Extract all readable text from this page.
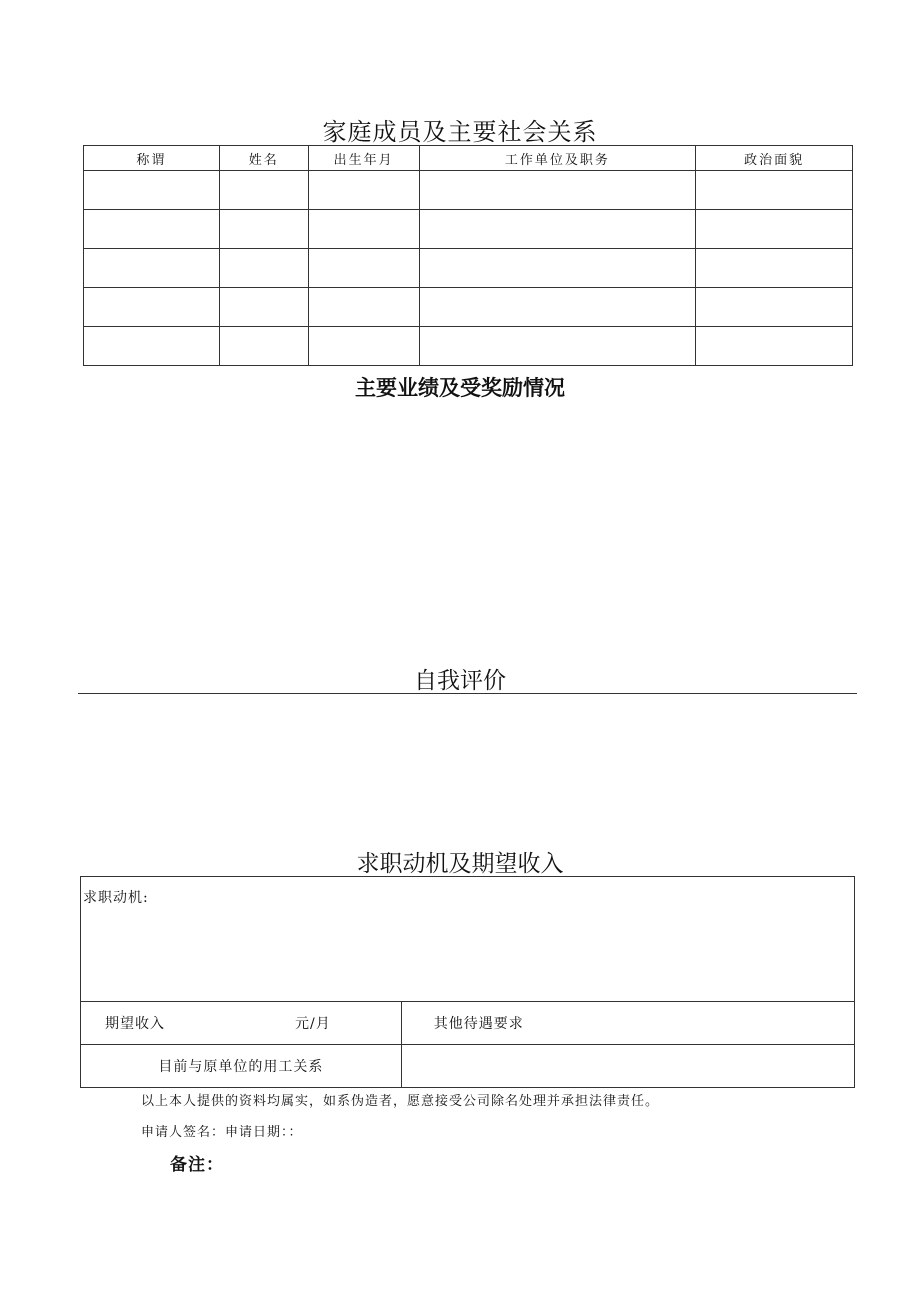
家庭成员及主要社会关系
称谓	姓名	出生年月	工作单位及职务	政治面貌

主要业绩及受奖励情况
自我评价
求职动机及期望收入
求职动机:	

期望收入 元/月	其他待遇要求

目前与原单位的用工关系	

以上本人提供的资料均属实，如系伪造者，愿意接受公司除名处理并承担法律责任。
申请人签名：申请日期：：
备注：
